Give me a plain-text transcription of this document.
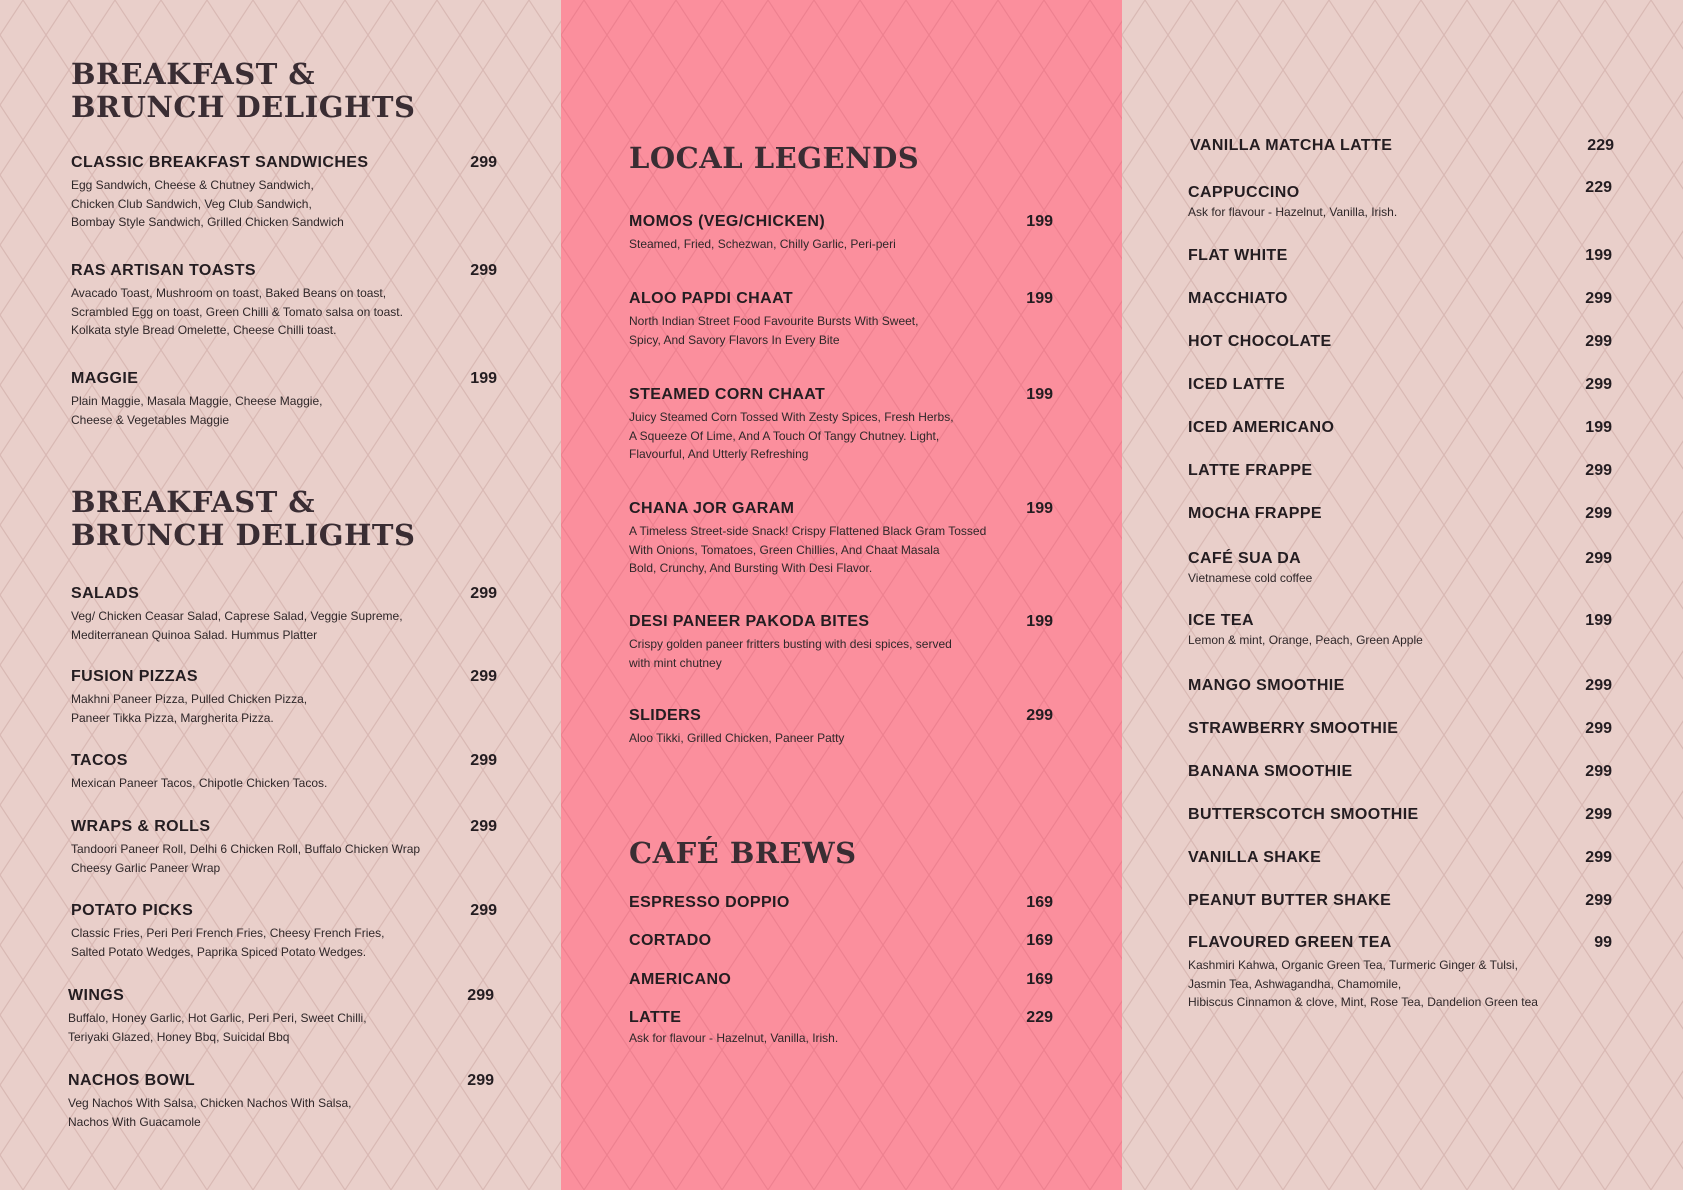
BREAKFAST &
BRUNCH DELIGHTS
CLASSIC BREAKFAST SANDWICHES	299
Egg Sandwich, Cheese & Chutney Sandwich,
Chicken Club Sandwich, Veg Club Sandwich,
Bombay Style Sandwich, Grilled Chicken Sandwich
RAS ARTISAN TOASTS	299
Avacado Toast, Mushroom on toast, Baked Beans on toast,
Scrambled Egg on toast, Green Chilli & Tomato salsa on toast.
Kolkata style Bread Omelette, Cheese Chilli toast.
MAGGIE	199
Plain Maggie, Masala Maggie, Cheese Maggie,
Cheese & Vegetables Maggie
BREAKFAST &
BRUNCH DELIGHTS
SALADS	299
Veg/ Chicken Ceasar Salad, Caprese Salad, Veggie Supreme,
Mediterranean Quinoa Salad. Hummus Platter
FUSION PIZZAS	299
Makhni Paneer Pizza, Pulled Chicken Pizza,
Paneer Tikka Pizza, Margherita Pizza.
TACOS	299
Mexican Paneer Tacos, Chipotle Chicken Tacos.
WRAPS & ROLLS	299
Tandoori Paneer Roll, Delhi 6 Chicken Roll, Buffalo Chicken Wrap
Cheesy Garlic Paneer Wrap
POTATO PICKS	299
Classic Fries, Peri Peri French Fries, Cheesy French Fries,
Salted Potato Wedges, Paprika Spiced Potato Wedges.
WINGS	299
Buffalo, Honey Garlic, Hot Garlic, Peri Peri, Sweet Chilli,
Teriyaki Glazed, Honey Bbq, Suicidal Bbq
NACHOS BOWL	299
Veg Nachos With Salsa, Chicken Nachos With Salsa,
Nachos With Guacamole
LOCAL LEGENDS
MOMOS (VEG/CHICKEN)	199
Steamed, Fried, Schezwan, Chilly Garlic, Peri-peri
ALOO PAPDI CHAAT	199
North Indian Street Food Favourite Bursts With Sweet,
Spicy, And Savory Flavors In Every Bite
STEAMED CORN CHAAT	199
Juicy Steamed Corn Tossed With Zesty Spices, Fresh Herbs,
A Squeeze Of Lime, And A Touch Of Tangy Chutney. Light,
Flavourful, And Utterly Refreshing
CHANA JOR GARAM	199
A Timeless Street-side Snack! Crispy Flattened Black Gram Tossed
With Onions, Tomatoes, Green Chillies, And Chaat Masala
Bold, Crunchy, And Bursting With Desi Flavor.
DESI PANEER PAKODA BITES	199
Crispy golden paneer fritters busting with desi spices, served
with mint chutney
SLIDERS	299
Aloo Tikki, Grilled Chicken, Paneer Patty
CAFÉ BREWS
ESPRESSO DOPPIO	169
CORTADO	169
AMERICANO	169
LATTE	229
Ask for flavour - Hazelnut, Vanilla, Irish.
VANILLA MATCHA LATTE	229
CAPPUCCINO	229
Ask for flavour - Hazelnut, Vanilla, Irish.
FLAT WHITE	199
MACCHIATO	299
HOT CHOCOLATE	299
ICED LATTE	299
ICED AMERICANO	199
LATTE FRAPPE	299
MOCHA FRAPPE	299
CAFÉ SUA DA	299
Vietnamese cold coffee
ICE TEA	199
Lemon & mint, Orange, Peach, Green Apple
MANGO SMOOTHIE	299
STRAWBERRY SMOOTHIE	299
BANANA SMOOTHIE	299
BUTTERSCOTCH SMOOTHIE	299
VANILLA SHAKE	299
PEANUT BUTTER SHAKE	299
FLAVOURED GREEN TEA	99
Kashmiri Kahwa, Organic Green Tea, Turmeric Ginger & Tulsi,
Jasmin Tea, Ashwagandha, Chamomile,
Hibiscus Cinnamon & clove, Mint, Rose Tea, Dandelion Green tea
